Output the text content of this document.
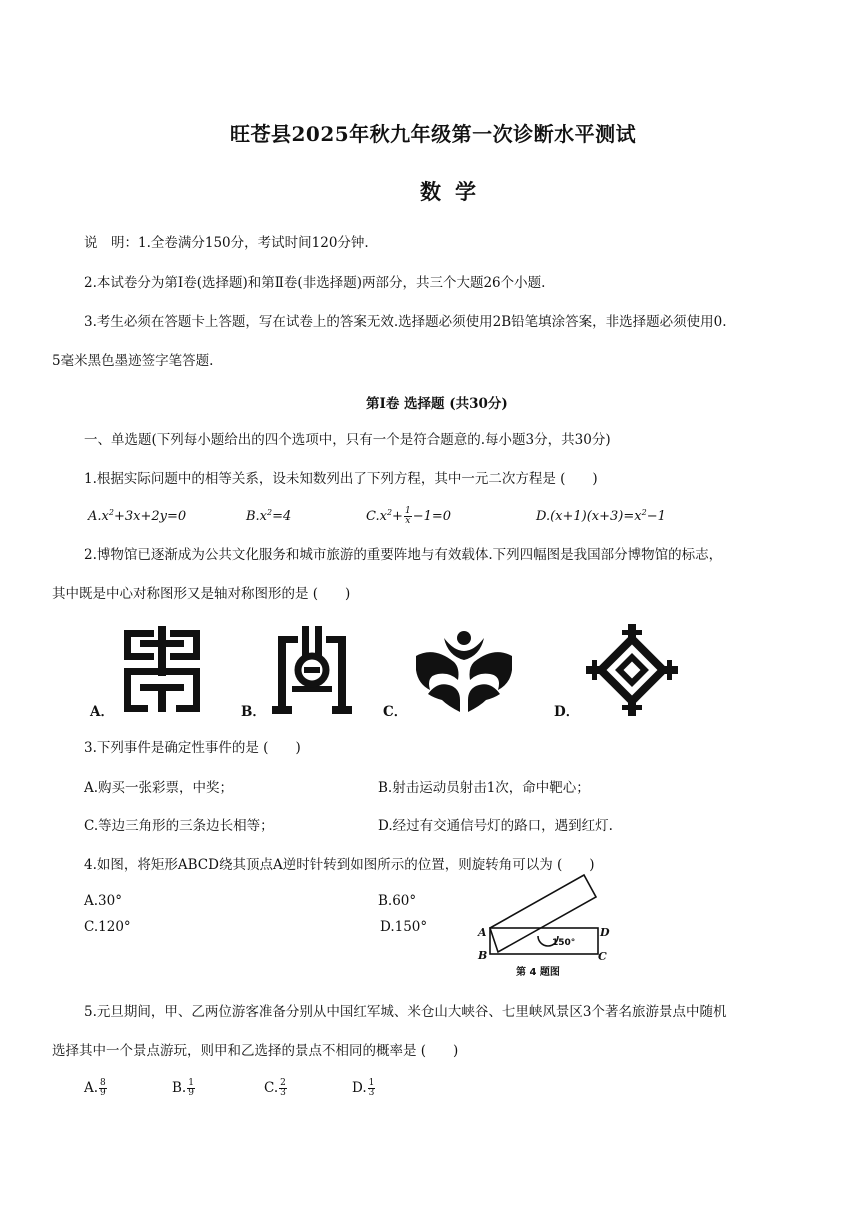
旺苍县2025年秋九年级第一次诊断水平测试
数学
说　明：1.全卷满分150分，考试时间120分钟.
2.本试卷分为第Ⅰ卷(选择题)和第Ⅱ卷(非选择题)两部分，共三个大题26个小题.
3.考生必须在答题卡上答题，写在试卷上的答案无效.选择题必须使用2B铅笔填涂答案，非选择题必须使用0.
5毫米黑色墨迹签字笔答题.
第Ⅰ卷 选择题 (共30分)
一、单选题(下列每小题给出的四个选项中，只有一个是符合题意的.每小题3分，共30分)
1.根据实际问题中的相等关系，设未知数列出了下列方程，其中一元二次方程是 (　　)
$A.x^2+3x+2y=0$	$B.x^2=4$	$C.x^2+ \frac{1}{x} -1=0$	$D.(x+1)(x+3)=x^2-1$
2.博物馆已逐渐成为公共文化服务和城市旅游的重要阵地与有效载体.下列四幅图是我国部分博物馆的标志，
其中既是中心对称图形又是轴对称图形的是 (　　)
A．	B．	C．	D．
3.下列事件是确定性事件的是 (　　)
A.购买一张彩票，中奖；	B.射击运动员射击1次，命中靶心；
C.等边三角形的三条边长相等；	D.经过有交通信号灯的路口，遇到红灯.
4.如图，将矩形ABCD绕其顶点A逆时针转到如图所示的位置，则旋转角可以为 (　　)
A.30°	B.60°
C.120°	D.150°
150°
A
B	C
D
第 4 题图
5.元旦期间，甲、乙两位游客准备分别从中国红军城、米仓山大峡谷、七里峡风景区3个著名旅游景点中随机
选择其中一个景点游玩，则甲和乙选择的景点不相同的概率是 (　　)
A. $\frac{8}{9}$	B. $\frac{1}{9}$	C. $\frac{2}{3}$	D. $\frac{1}{3}$
